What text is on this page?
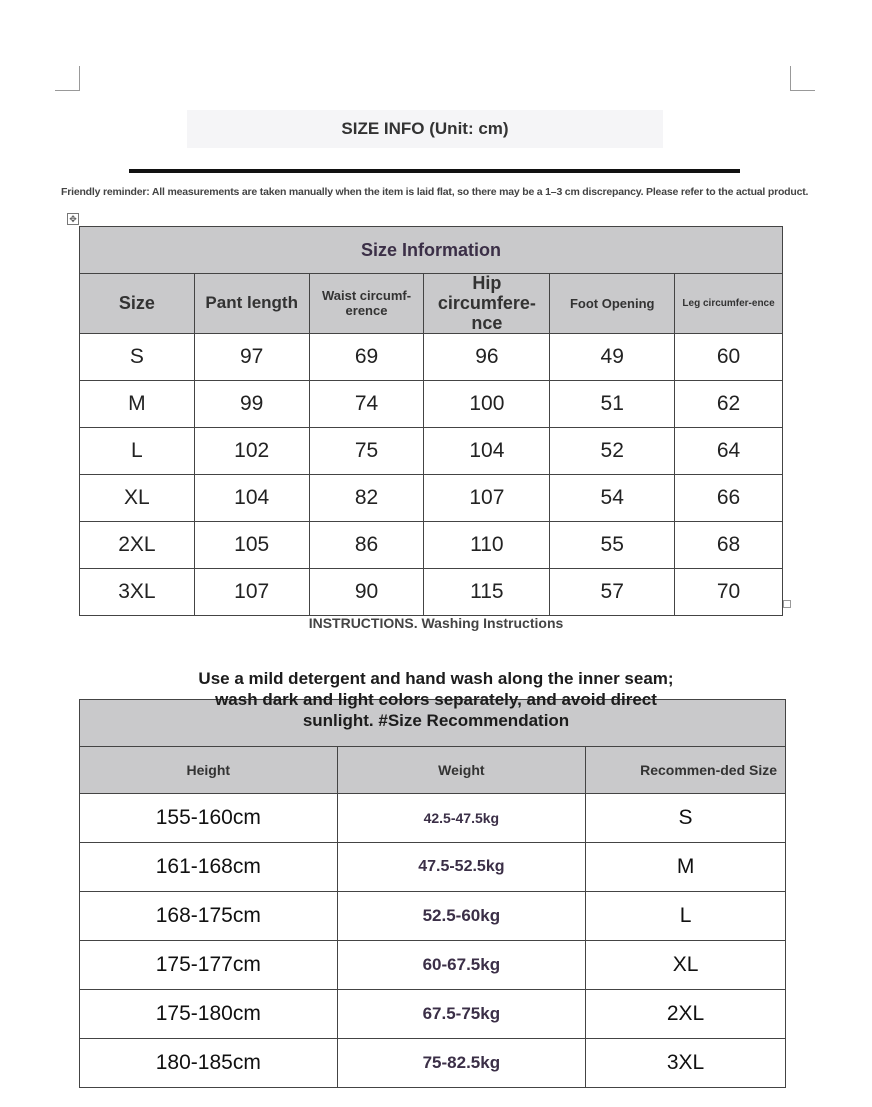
SIZE INFO (Unit: cm)
Friendly reminder: All measurements are taken manually when the item is laid flat, so there may be a 1–3 cm discrepancy. Please refer to the actual product.
✥
Size Information					
Size	Pant length	Waist circumf-erence	Hip circumfere-nce	Foot Opening	Leg circumfer-ence
S	97	69	96	49	60
M	99	74	100	51	62
L	102	75	104	52	64
XL	104	82	107	54	66
2XL	105	86	110	55	68
3XL	107	90	115	57	70
INSTRUCTIONS. Washing Instructions

Height	Weight	Recommen-ded Size
155-160cm	42.5-47.5kg	S
161-168cm	47.5-52.5kg	M
168-175cm	52.5-60kg	L
175-177cm	60-67.5kg	XL
175-180cm	67.5-75kg	2XL
180-185cm	75-82.5kg	3XL
Use a mild detergent and hand wash along the inner seam; wash dark and light colors separately, and avoid direct sunlight. #Size Recommendation
